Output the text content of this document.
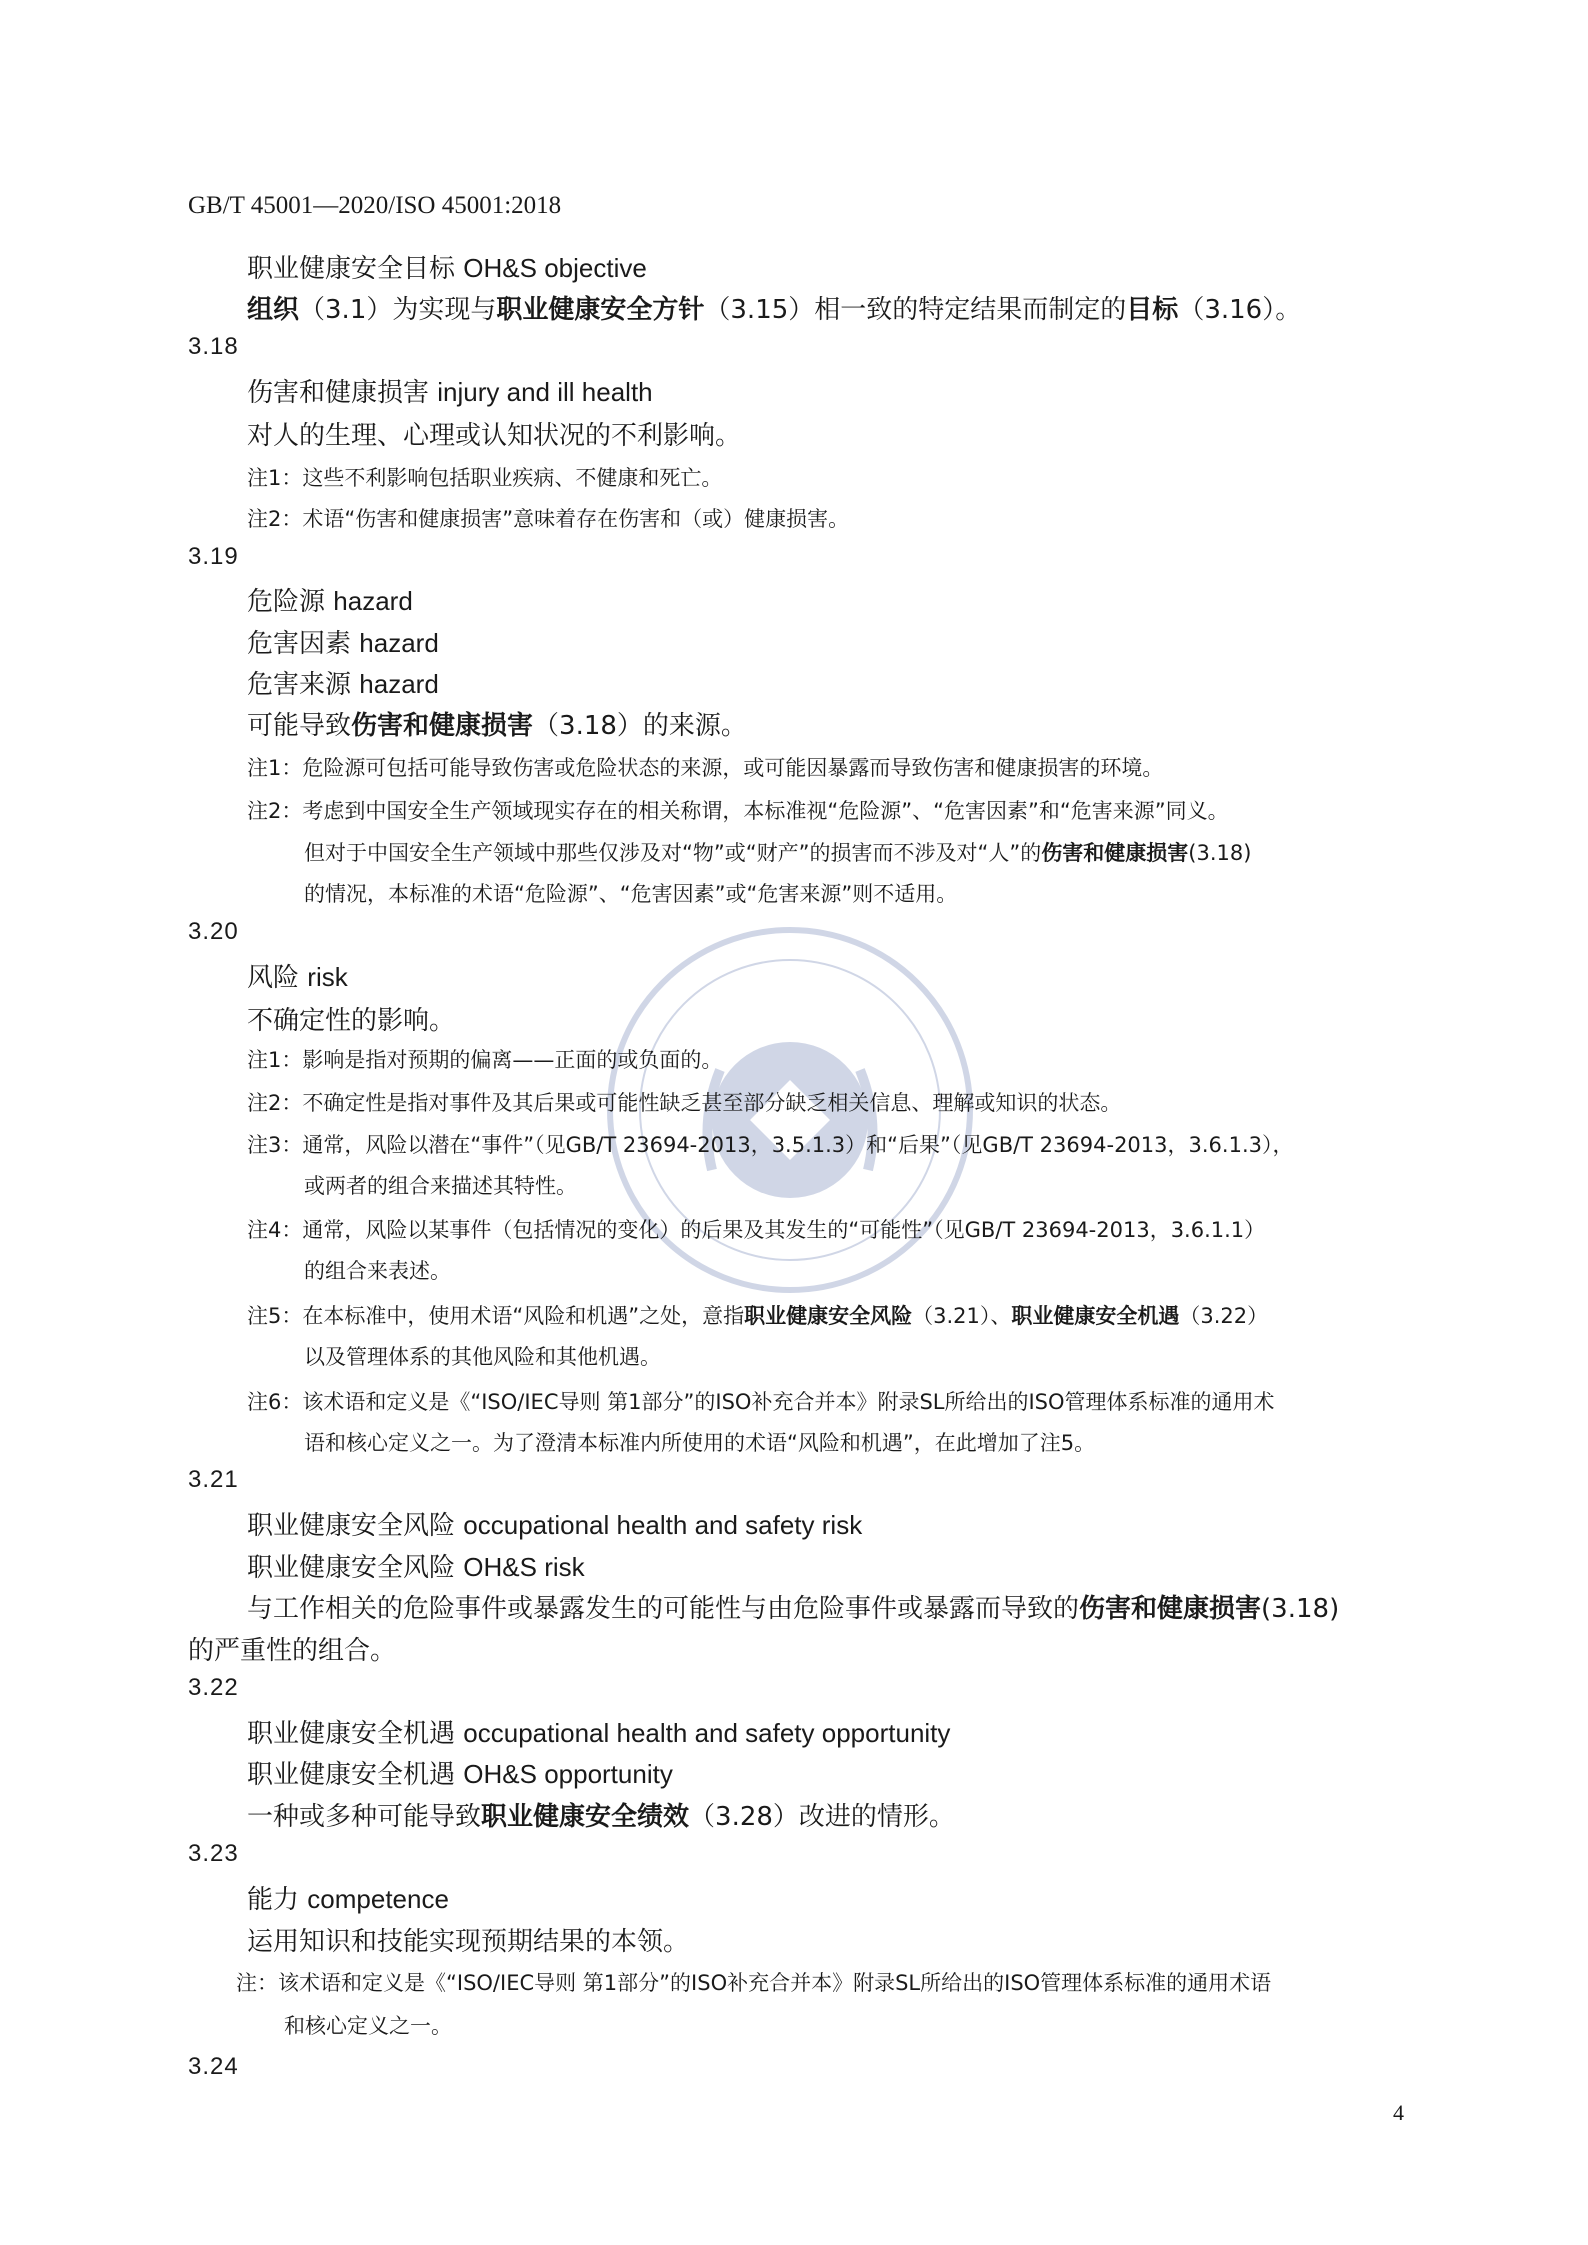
GB/T 45001—2020/ISO 45001:2018
职业健康安全目标 OH&S objective
组织（3.1）为实现与职业健康安全方针（3.15）相一致的特定结果而制定的目标（3.16）。
3.18
伤害和健康损害 injury and ill health
对人的生理、心理或认知状况的不利影响。
注1：这些不利影响包括职业疾病、不健康和死亡。
注2：术语“伤害和健康损害”意味着存在伤害和（或）健康损害。
3.19
危险源 hazard
危害因素 hazard
危害来源 hazard
可能导致伤害和健康损害（3.18）的来源。
注1：危险源可包括可能导致伤害或危险状态的来源，或可能因暴露而导致伤害和健康损害的环境。
注2：考虑到中国安全生产领域现实存在的相关称谓，本标准视“危险源”、“危害因素”和“危害来源”同义。
但对于中国安全生产领域中那些仅涉及对“物”或“财产”的损害而不涉及对“人”的伤害和健康损害(3.18)
的情况，本标准的术语“危险源”、“危害因素”或“危害来源”则不适用。
3.20
风险 risk
不确定性的影响。
注1：影响是指对预期的偏离——正面的或负面的。
注2：不确定性是指对事件及其后果或可能性缺乏甚至部分缺乏相关信息、理解或知识的状态。
注3：通常，风险以潜在“事件”（见GB/T 23694-2013，3.5.1.3）和“后果”（见GB/T 23694-2013，3.6.1.3），
或两者的组合来描述其特性。
注4：通常，风险以某事件（包括情况的变化）的后果及其发生的“可能性”（见GB/T 23694-2013，3.6.1.1）
的组合来表述。
注5：在本标准中，使用术语“风险和机遇”之处，意指职业健康安全风险（3.21）、职业健康安全机遇（3.22）
以及管理体系的其他风险和其他机遇。
注6：该术语和定义是《“ISO/IEC导则 第1部分”的ISO补充合并本》附录SL所给出的ISO管理体系标准的通用术
语和核心定义之一。为了澄清本标准内所使用的术语“风险和机遇”，在此增加了注5。
3.21
职业健康安全风险 occupational health and safety risk
职业健康安全风险 OH&S risk
与工作相关的危险事件或暴露发生的可能性与由危险事件或暴露而导致的伤害和健康损害(3.18)
的严重性的组合。
3.22
职业健康安全机遇 occupational health and safety opportunity
职业健康安全机遇 OH&S opportunity
一种或多种可能导致职业健康安全绩效（3.28）改进的情形。
3.23
能力 competence
运用知识和技能实现预期结果的本领。
注：该术语和定义是《“ISO/IEC导则 第1部分”的ISO补充合并本》附录SL所给出的ISO管理体系标准的通用术语
和核心定义之一。
3.24
4
